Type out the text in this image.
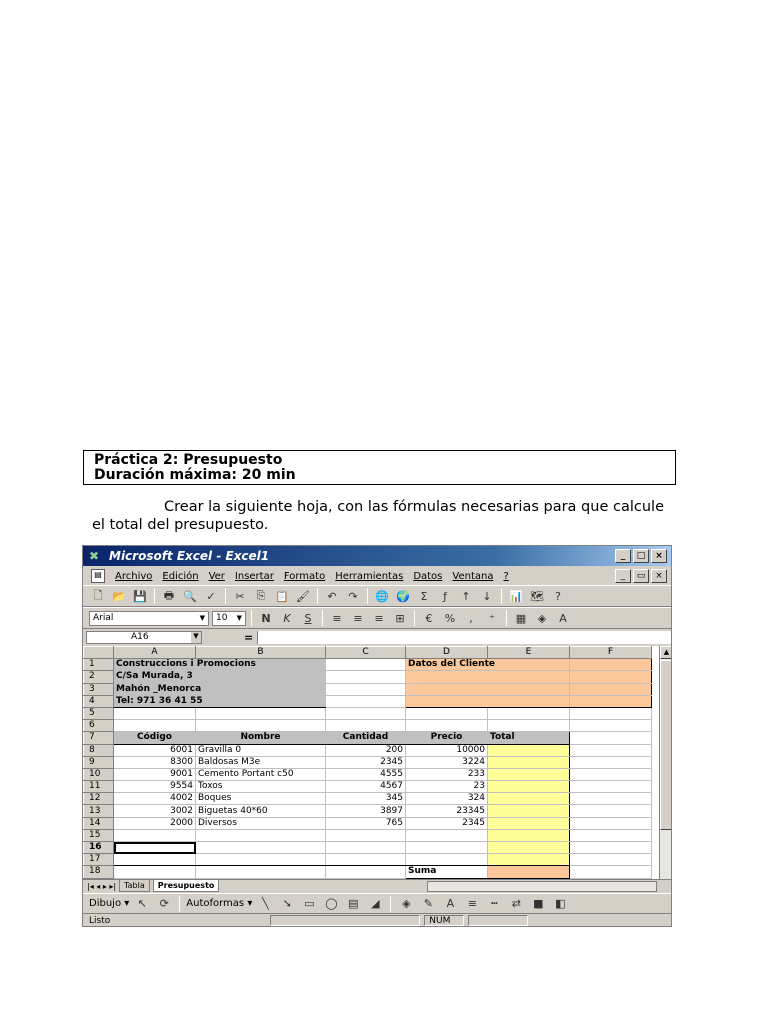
Práctica 2: Presupuesto
Duración máxima: 20 min

Crear la siguiente hoja, con las fórmulas necesarias para que calcule el total del presupuesto.

✖ Microsoft Excel - Excel1	_	□	×
▤	Archivo Edición Ver Insertar Formato Herramientas Datos Ventana ?	_	▭	×
🗋 📂 💾	🖶 🔍 ✓	✂	⎘ 📋 🖌	↶	↷	🌐 🌍 Σ	ƒ	↑	↓	📊 🗺	?
Arial	▼ 10 ▼	N	K	S	≡	≡	≡	⊞	€	%	,	⁺	▦	◈	A
A16	▼	=
	A	B	C	D	E	F
1	Construccions i Promocions			Datos del Cliente		
2	C/Sa Murada, 3					
3	Mahón _Menorca					
4	Tel: 971 36 41 55					
5						
6						
7	Código	Nombre	Cantidad	Precio	Total	
8	6001	Gravilla 0	200	10000		
9	8300	Baldosas M3e	2345	3224		
10	9001	Cemento Portant c50	4555	233		
11	9554	Toxos	4567	23		
12	4002	Boques	345	324		
13	3002	Biguetas 40*60	3897	23345		
14	2000	Diversos	765	2345		
15						
16						
17						
18				Suma		
▲
|◂ ◂ ▸ ▸|	Tabla	Presupuesto
Dibujo ▾ ↖	⟳	Autoformas ▾ ╲	➘	▭ ◯ ▤	◢	◈	✎	A	≡	┅	⇄	■	◧
Listo	NUM
